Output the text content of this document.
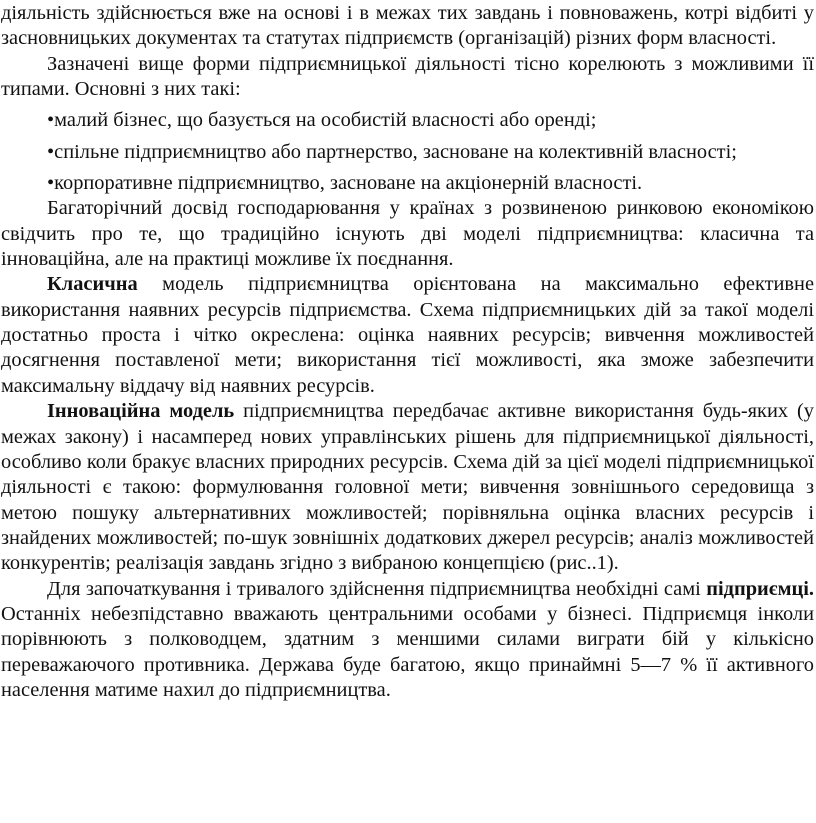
діяльність здійснюється вже на основі і в межах тих завдань і повноважень, котрі відбиті у засновницьких документах та статутах підприємств (організацій) різних форм власності.

Зазначені вище форми підприємницької діяльності тісно корелюють з можливими її типами. Основні з них такі:

•малий бізнес, що базується на особистій власності або оренді;

•спільне підприємництво або партнерство, засноване на колективній власності;

•корпоративне підприємництво, засноване на акціонерній власності.

Багаторічний досвід господарювання у країнах з розвиненою ринковою економікою свідчить про те, що традиційно існують дві моделі підприємництва: класична та інноваційна, але на практиці можливе їх поєднання.

Класична модель підприємництва орієнтована на максимально ефективне використання наявних ресурсів підприємства. Схема підприємницьких дій за такої моделі достатньо проста і чітко окреслена: оцінка наявних ресурсів; вивчення можливостей досягнення поставленої мети; використання тієї можливості, яка зможе забезпечити максимальну віддачу від наявних ресурсів.

Інноваційна модель підприємництва передбачає активне використання будь-яких (у межах закону) і насамперед нових управлінських рішень для підприємницької діяльності, особливо коли бракує власних природних ресурсів. Схема дій за цієї моделі підприємницької діяльності є такою: формулювання головної мети; вивчення зовнішнього середовища з метою пошуку альтернативних можливостей; порівняльна оцінка власних ресурсів і знайдених можливостей; по-шук зовнішніх додаткових джерел ресурсів; аналіз можливостей конкурентів; реалізація завдань згідно з вибраною концепцією (рис..1).

Для започаткування і тривалого здійснення підприємництва необхідні самі підприємці. Останніх небезпідставно вважають центральними особами у бізнесі. Підприємця інколи порівнюють з полководцем, здатним з меншими силами виграти бій у кількісно переважаючого противника. Держава буде багатою, якщо принаймні 5—7 % її активного населення матиме нахил до підприємництва.
